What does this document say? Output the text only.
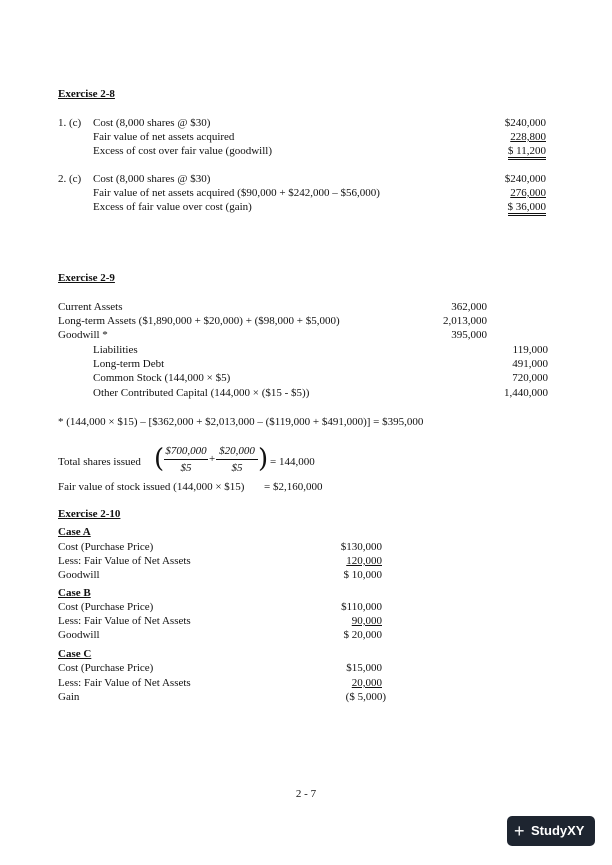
Exercise 2-8
1. (c) Cost (8,000 shares @ $30)	$240,000
Fair value of net assets acquired	228,800
Excess of cost over fair value (goodwill)	$ 11,200
2. (c) Cost (8,000 shares @ $30)	$240,000
Fair value of net assets acquired ($90,000 + $242,000 – $56,000)	276,000
Excess of fair value over cost (gain)	$ 36,000
Exercise 2-9
Current Assets	362,000
Long-term Assets ($1,890,000 + $20,000) + ($98,000 + $5,000)	2,013,000
Goodwill *	395,000
Liabilities	119,000
Long-term Debt	491,000
Common Stock (144,000 × $5)	720,000
Other Contributed Capital (144,000 × ($15 - $5))	1,440,000
* (144,000 × $15) – [$362,000 + $2,013,000 – ($119,000 + $491,000)] = $395,000
Total shares issued ( $700,000
$5
+
$20,000
$5 ) = 144,000
Fair value of stock issued (144,000 × $15) = $2,160,000
Exercise 2-10
Case A
Cost (Purchase Price)	$130,000
Less: Fair Value of Net Assets	120,000
Goodwill	$ 10,000
Case B
Cost (Purchase Price)	$110,000
Less: Fair Value of Net Assets	90,000
Goodwill	$ 20,000
Case C
Cost (Purchase Price)	$15,000
Less: Fair Value of Net Assets	20,000
Gain	($ 5,000)
2 - 7
+ StudyXY
